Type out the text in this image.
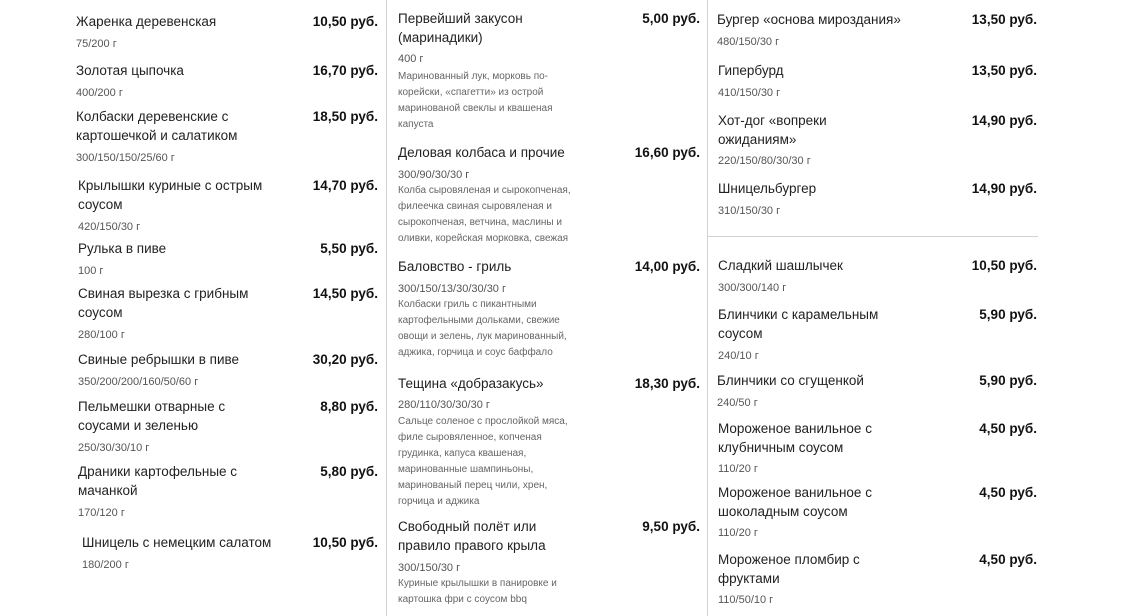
Жаренка деревенская	10,50 руб.
75/200 г
Золотая цыпочка	16,70 руб.
400/200 г
Колбаски деревенские с
картошечкой и салатиком
18,50 руб.
300/150/150/25/60 г
Крылышки куриные с острым
соусом
14,70 руб.
420/150/30 г
Рулька в пиве	5,50 руб.
100 г
Свиная вырезка с грибным
соусом
14,50 руб.
280/100 г
Свиные ребрышки в пиве	30,20 руб.
350/200/200/160/50/60 г
Пельмешки отварные с
соусами и зеленью
8,80 руб.
250/30/30/10 г
Драники картофельные с
мачанкой
5,80 руб.
170/120 г
Шницель с немецким салатом	10,50 руб.
180/200 г
Первейший закусон
(маринадики)
5,00 руб.
400 г
Маринованный лук, морковь по-
корейски, «спагетти» из острой
маринованой свеклы и квашеная
капуста
Деловая колбаса и прочие	16,60 руб.
300/90/30/30 г
Колба сыровяленая и сырокопченая,
филеечка свиная сыровяленая и
сырокопченая, ветчина, маслины и
оливки, корейская морковка, свежая
Баловство - гриль	14,00 руб.
300/150/13/30/30/30 г
Колбаски гриль с пикантными
картофельными дольками, свежие
овощи и зелень, лук маринованный,
аджика, горчица и соус баффало
Тещина «добразакусь»	18,30 руб.
280/110/30/30/30 г
Сальце соленое с прослойкой мяса,
филе сыровяленное, копченая
грудинка, капуса квашеная,
маринованные шампиньоны,
маринованый перец чили, хрен,
горчица и аджика
Свободный полёт или
правило правого крыла
9,50 руб.
300/150/30 г
Куриные крылышки в панировке и
картошка фри с соусом bbq
Бургер «основа мироздания»	13,50 руб.
480/150/30 г
Гипербурд	13,50 руб.
410/150/30 г
Хот-дог «вопреки
ожиданиям»
14,90 руб.
220/150/80/30/30 г
Шницельбургер	14,90 руб.
310/150/30 г
Сладкий шашлычек	10,50 руб.
300/300/140 г
Блинчики с карамельным
соусом
5,90 руб.
240/10 г
Блинчики со сгущенкой	5,90 руб.
240/50 г
Мороженое ванильное с
клубничным соусом
4,50 руб.
110/20 г
Мороженое ванильное с
шоколадным соусом
4,50 руб.
110/20 г
Мороженое пломбир с
фруктами
4,50 руб.
110/50/10 г
